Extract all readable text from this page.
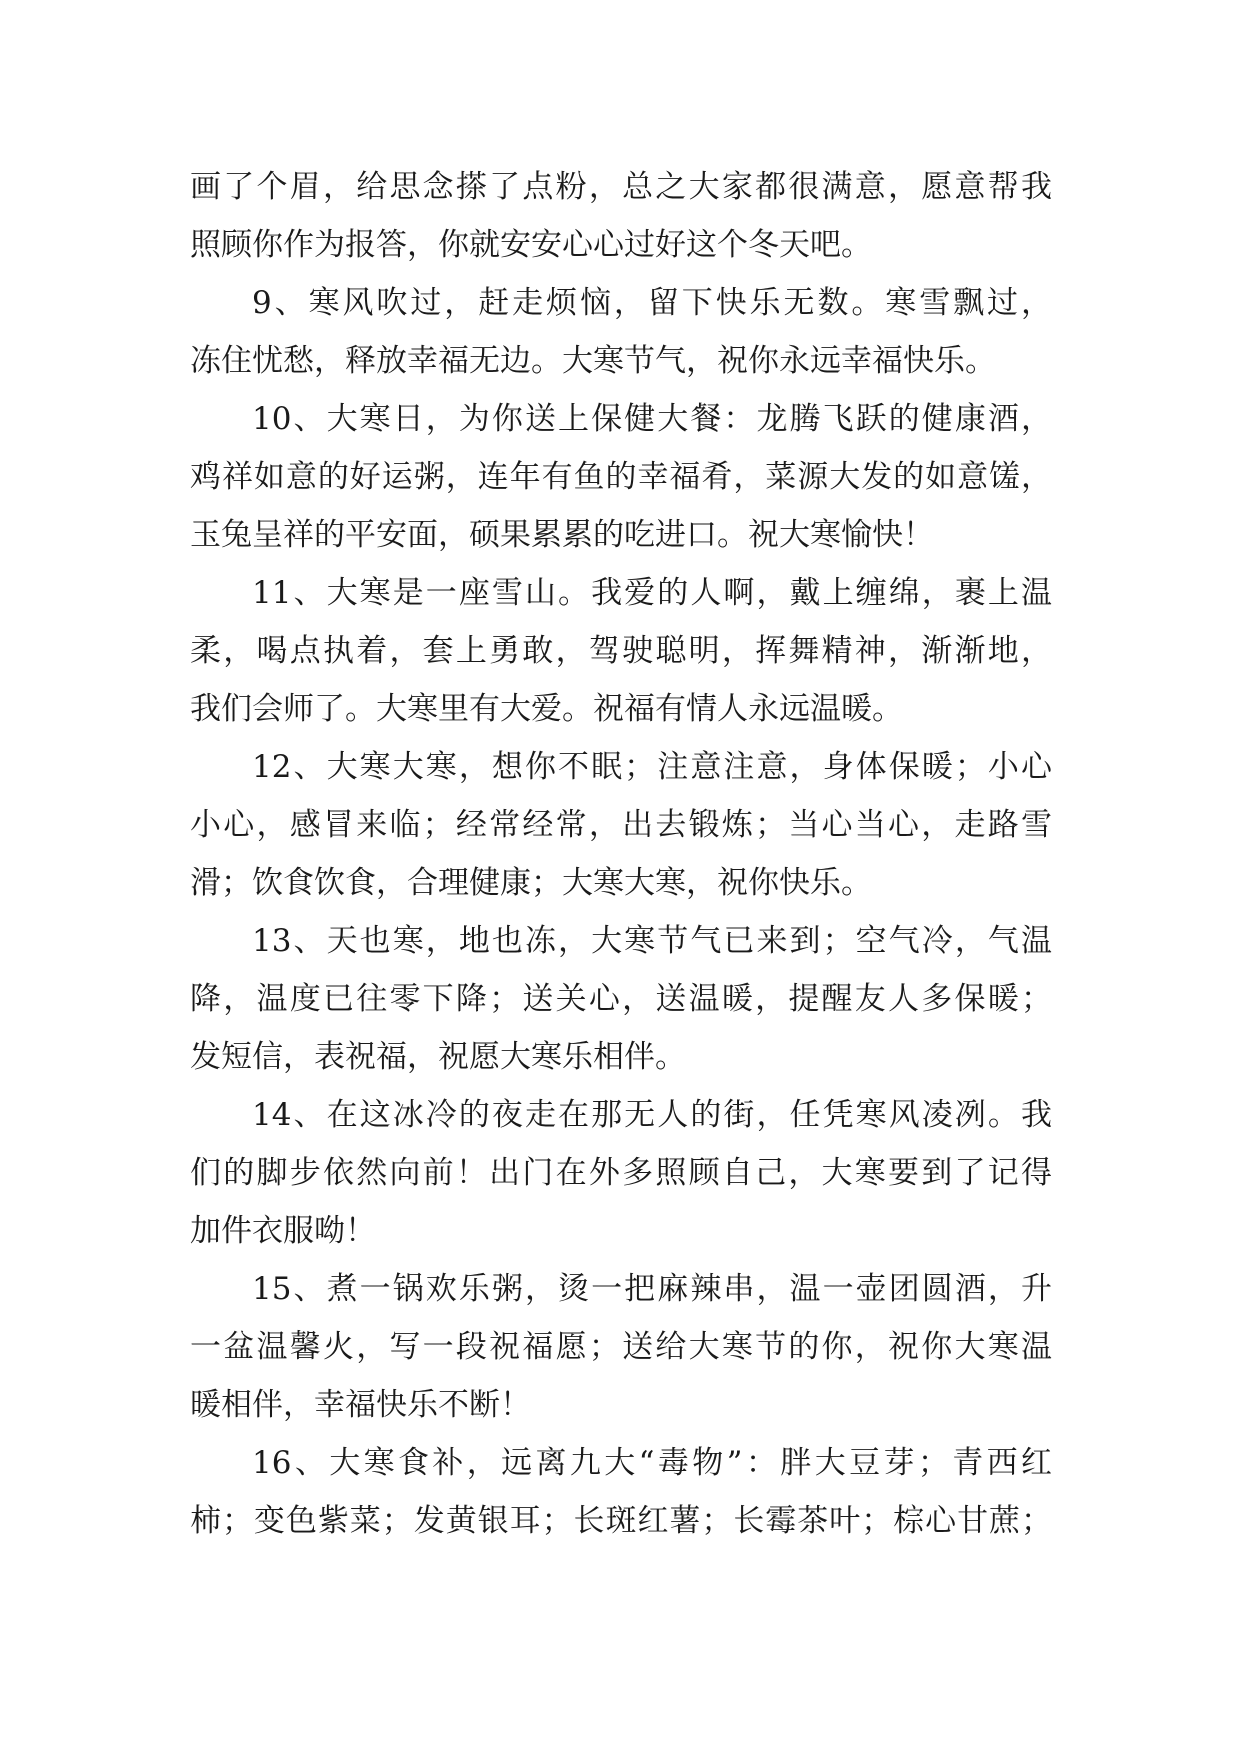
画了个眉，给思念搽了点粉，总之大家都很满意，愿意帮我
照顾你作为报答，你就安安心心过好这个冬天吧。
9、寒风吹过，赶走烦恼，留下快乐无数。寒雪飘过，
冻住忧愁，释放幸福无边。大寒节气，祝你永远幸福快乐。
10、大寒日，为你送上保健大餐：龙腾飞跃的健康酒，
鸡祥如意的好运粥，连年有鱼的幸福肴，菜源大发的如意馐，
玉兔呈祥的平安面，硕果累累的吃进口。祝大寒愉快！
11、大寒是一座雪山。我爱的人啊，戴上缠绵，裹上温
柔，喝点执着，套上勇敢，驾驶聪明，挥舞精神，渐渐地，
我们会师了。大寒里有大爱。祝福有情人永远温暖。
12、大寒大寒，想你不眠；注意注意，身体保暖；小心
小心，感冒来临；经常经常，出去锻炼；当心当心，走路雪
滑；饮食饮食，合理健康；大寒大寒，祝你快乐。
13、天也寒，地也冻，大寒节气已来到；空气冷，气温
降，温度已往零下降；送关心，送温暖，提醒友人多保暖；
发短信，表祝福，祝愿大寒乐相伴。
14、在这冰冷的夜走在那无人的街，任凭寒风凌冽。我
们的脚步依然向前！出门在外多照顾自己，大寒要到了记得
加件衣服呦！
15、煮一锅欢乐粥，烫一把麻辣串，温一壶团圆酒，升
一盆温馨火，写一段祝福愿；送给大寒节的你，祝你大寒温
暖相伴，幸福快乐不断！
16、大寒食补，远离九大“毒物”：胖大豆芽；青西红
柿；变色紫菜；发黄银耳；长斑红薯；长霉茶叶；棕心甘蔗；
